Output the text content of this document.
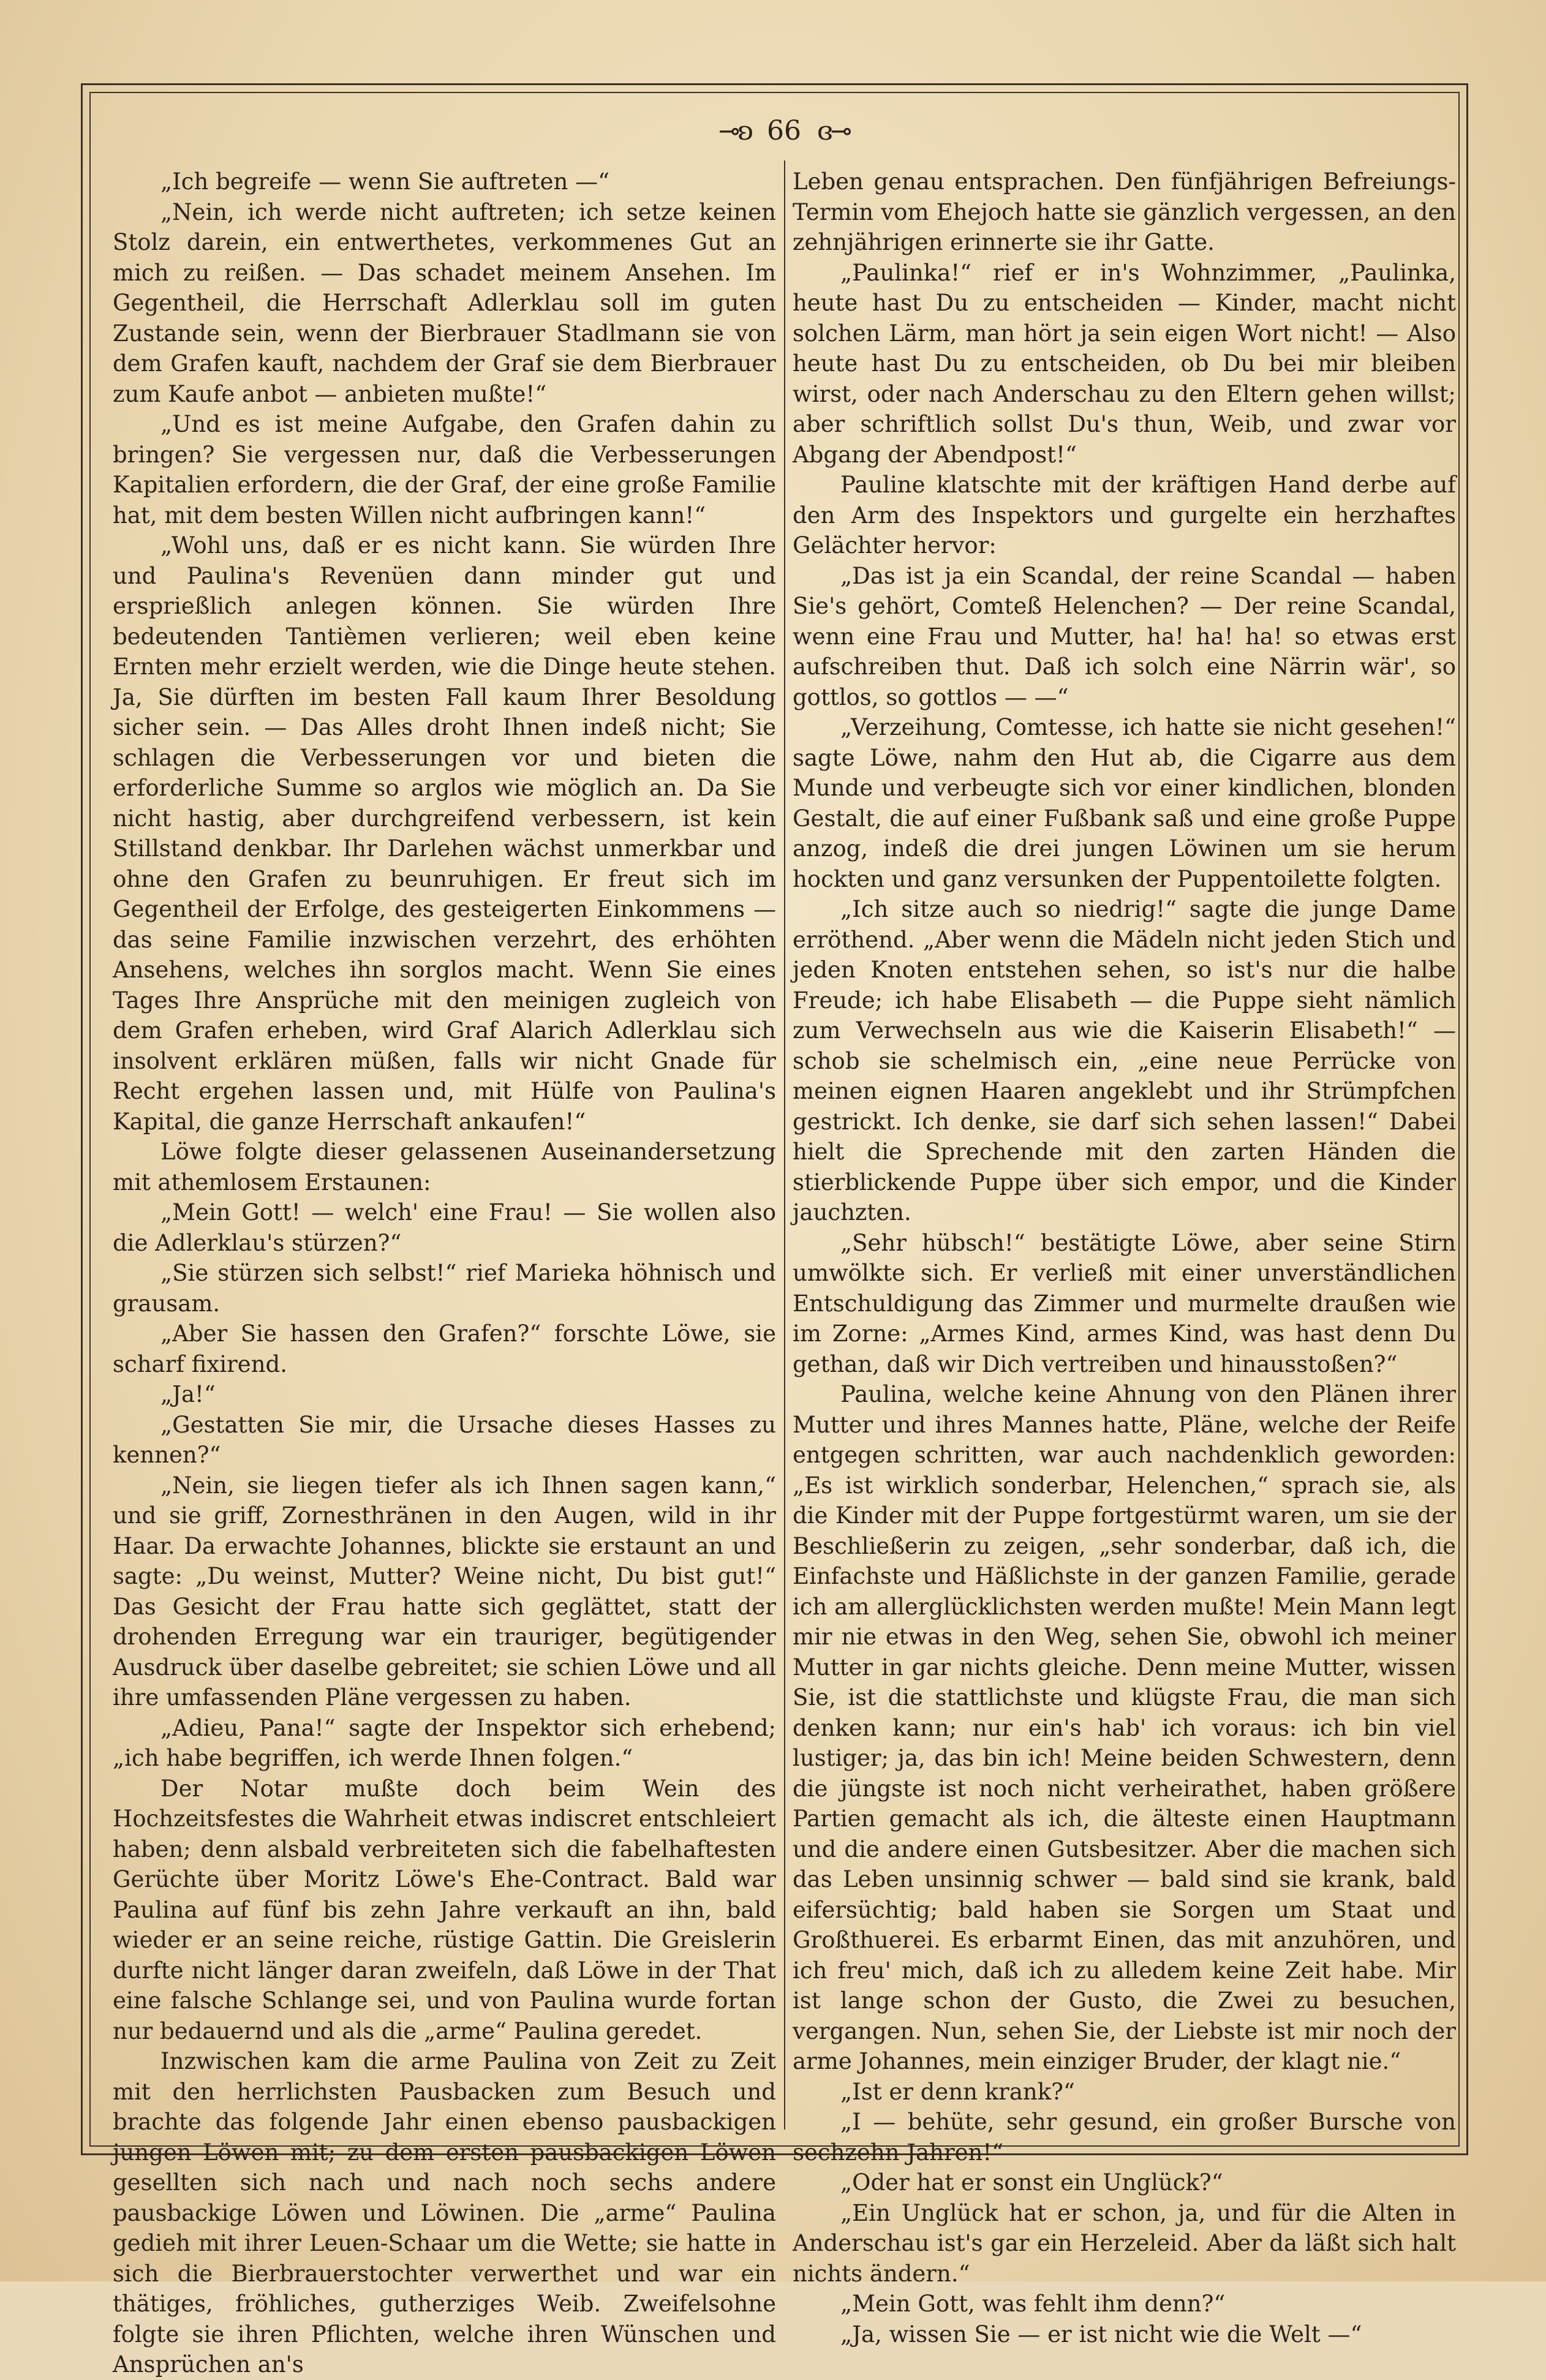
⊸ʚ 66 ɞ⊸

„Ich begreife — wenn Sie auftreten —“

„Nein, ich werde nicht auftreten; ich setze keinen Stolz darein, ein entwerthetes, verkommenes Gut an mich zu reißen. — Das schadet meinem Ansehen. Im Gegentheil, die Herrschaft Adlerklau soll im guten Zustande sein, wenn der Bierbrauer Stadlmann sie von dem Grafen kauft, nachdem der Graf sie dem Bierbrauer zum Kaufe anbot — anbieten mußte!“

„Und es ist meine Aufgabe, den Grafen dahin zu bringen? Sie vergessen nur, daß die Verbesserungen Kapitalien erfordern, die der Graf, der eine große Familie hat, mit dem besten Willen nicht aufbringen kann!“

„Wohl uns, daß er es nicht kann. Sie würden Ihre und Paulina's Revenüen dann minder gut und ersprießlich anlegen können. Sie würden Ihre bedeutenden Tantièmen verlieren; weil eben keine Ernten mehr erzielt werden, wie die Dinge heute stehen. Ja, Sie dürften im besten Fall kaum Ihrer Besoldung sicher sein. — Das Alles droht Ihnen indeß nicht; Sie schlagen die Verbesserungen vor und bieten die erforderliche Summe so arglos wie möglich an. Da Sie nicht hastig, aber durchgreifend verbessern, ist kein Stillstand denkbar. Ihr Darlehen wächst unmerkbar und ohne den Grafen zu beunruhigen. Er freut sich im Gegentheil der Erfolge, des gesteigerten Einkommens — das seine Familie inzwischen verzehrt, des erhöhten Ansehens, welches ihn sorglos macht. Wenn Sie eines Tages Ihre Ansprüche mit den meinigen zugleich von dem Grafen erheben, wird Graf Alarich Adlerklau sich insolvent erklären müßen, falls wir nicht Gnade für Recht ergehen lassen und, mit Hülfe von Paulina's Kapital, die ganze Herrschaft ankaufen!“

Löwe folgte dieser gelassenen Auseinandersetzung mit athemlosem Erstaunen:

„Mein Gott! — welch' eine Frau! — Sie wollen also die Adlerklau's stürzen?“

„Sie stürzen sich selbst!“ rief Marieka höhnisch und grausam.

„Aber Sie hassen den Grafen?“ forschte Löwe, sie scharf fixirend.

„Ja!“

„Gestatten Sie mir, die Ursache dieses Hasses zu kennen?“

„Nein, sie liegen tiefer als ich Ihnen sagen kann,“ und sie griff, Zornesthränen in den Augen, wild in ihr Haar. Da erwachte Johannes, blickte sie erstaunt an und sagte: „Du weinst, Mutter? Weine nicht, Du bist gut!“ Das Gesicht der Frau hatte sich geglättet, statt der drohenden Erregung war ein trauriger, begütigender Ausdruck über daselbe gebreitet; sie schien Löwe und all ihre umfassenden Pläne vergessen zu haben.

„Adieu, Pana!“ sagte der Inspektor sich erhebend; „ich habe begriffen, ich werde Ihnen folgen.“

Der Notar mußte doch beim Wein des Hochzeitsfestes die Wahrheit etwas indiscret entschleiert haben; denn alsbald verbreiteten sich die fabelhaftesten Gerüchte über Moritz Löwe's Ehe-Contract. Bald war Paulina auf fünf bis zehn Jahre verkauft an ihn, bald wieder er an seine reiche, rüstige Gattin. Die Greislerin durfte nicht länger daran zweifeln, daß Löwe in der That eine falsche Schlange sei, und von Paulina wurde fortan nur bedauernd und als die „arme“ Paulina geredet.

Inzwischen kam die arme Paulina von Zeit zu Zeit mit den herrlichsten Pausbacken zum Besuch und brachte das folgende Jahr einen ebenso pausbackigen jungen Löwen mit; zu dem ersten pausbackigen Löwen gesellten sich nach und nach noch sechs andere pausbackige Löwen und Löwinen. Die „arme“ Paulina gedieh mit ihrer Leuen-Schaar um die Wette; sie hatte in sich die Bierbrauerstochter verwerthet und war ein thätiges, fröhliches, gutherziges Weib. Zweifelsohne folgte sie ihren Pflichten, welche ihren Wünschen und Ansprüchen an's

Leben genau entsprachen. Den fünfjährigen Befreiungs-Termin vom Ehejoch hatte sie gänzlich vergessen, an den zehnjährigen erinnerte sie ihr Gatte.

„Paulinka!“ rief er in's Wohnzimmer, „Paulinka, heute hast Du zu entscheiden — Kinder, macht nicht solchen Lärm, man hört ja sein eigen Wort nicht! — Also heute hast Du zu entscheiden, ob Du bei mir bleiben wirst, oder nach Anderschau zu den Eltern gehen willst; aber schriftlich sollst Du's thun, Weib, und zwar vor Abgang der Abendpost!“

Pauline klatschte mit der kräftigen Hand derbe auf den Arm des Inspektors und gurgelte ein herzhaftes Gelächter hervor:

„Das ist ja ein Scandal, der reine Scandal — haben Sie's gehört, Comteß Helenchen? — Der reine Scandal, wenn eine Frau und Mutter, ha! ha! ha! so etwas erst aufschreiben thut. Daß ich solch eine Närrin wär', so gottlos, so gottlos — —“

„Verzeihung, Comtesse, ich hatte sie nicht gesehen!“ sagte Löwe, nahm den Hut ab, die Cigarre aus dem Munde und verbeugte sich vor einer kindlichen, blonden Gestalt, die auf einer Fußbank saß und eine große Puppe anzog, indeß die drei jungen Löwinen um sie herum hockten und ganz versunken der Puppentoilette folgten.

„Ich sitze auch so niedrig!“ sagte die junge Dame erröthend. „Aber wenn die Mädeln nicht jeden Stich und jeden Knoten entstehen sehen, so ist's nur die halbe Freude; ich habe Elisabeth — die Puppe sieht nämlich zum Verwechseln aus wie die Kaiserin Elisabeth!“ — schob sie schelmisch ein, „eine neue Perrücke von meinen eignen Haaren angeklebt und ihr Strümpfchen gestrickt. Ich denke, sie darf sich sehen lassen!“ Dabei hielt die Sprechende mit den zarten Händen die stierblickende Puppe über sich empor, und die Kinder jauchzten.

„Sehr hübsch!“ bestätigte Löwe, aber seine Stirn umwölkte sich. Er verließ mit einer unverständlichen Entschuldigung das Zimmer und murmelte draußen wie im Zorne: „Armes Kind, armes Kind, was hast denn Du gethan, daß wir Dich vertreiben und hinausstoßen?“

Paulina, welche keine Ahnung von den Plänen ihrer Mutter und ihres Mannes hatte, Pläne, welche der Reife entgegen schritten, war auch nachdenklich geworden: „Es ist wirklich sonderbar, Helenchen,“ sprach sie, als die Kinder mit der Puppe fortgestürmt waren, um sie der Beschließerin zu zeigen, „sehr sonderbar, daß ich, die Einfachste und Häßlichste in der ganzen Familie, gerade ich am allerglücklichsten werden mußte! Mein Mann legt mir nie etwas in den Weg, sehen Sie, obwohl ich meiner Mutter in gar nichts gleiche. Denn meine Mutter, wissen Sie, ist die stattlichste und klügste Frau, die man sich denken kann; nur ein's hab' ich voraus: ich bin viel lustiger; ja, das bin ich! Meine beiden Schwestern, denn die jüngste ist noch nicht verheirathet, haben größere Partien gemacht als ich, die älteste einen Hauptmann und die andere einen Gutsbesitzer. Aber die machen sich das Leben unsinnig schwer — bald sind sie krank, bald eifersüchtig; bald haben sie Sorgen um Staat und Großthuerei. Es erbarmt Einen, das mit anzuhören, und ich freu' mich, daß ich zu alledem keine Zeit habe. Mir ist lange schon der Gusto, die Zwei zu besuchen, vergangen. Nun, sehen Sie, der Liebste ist mir noch der arme Johannes, mein einziger Bruder, der klagt nie.“

„Ist er denn krank?“

„I — behüte, sehr gesund, ein großer Bursche von sechzehn Jahren!“

„Oder hat er sonst ein Unglück?“

„Ein Unglück hat er schon, ja, und für die Alten in Anderschau ist's gar ein Herzeleid. Aber da läßt sich halt nichts ändern.“

„Mein Gott, was fehlt ihm denn?“

„Ja, wissen Sie — er ist nicht wie die Welt —“
